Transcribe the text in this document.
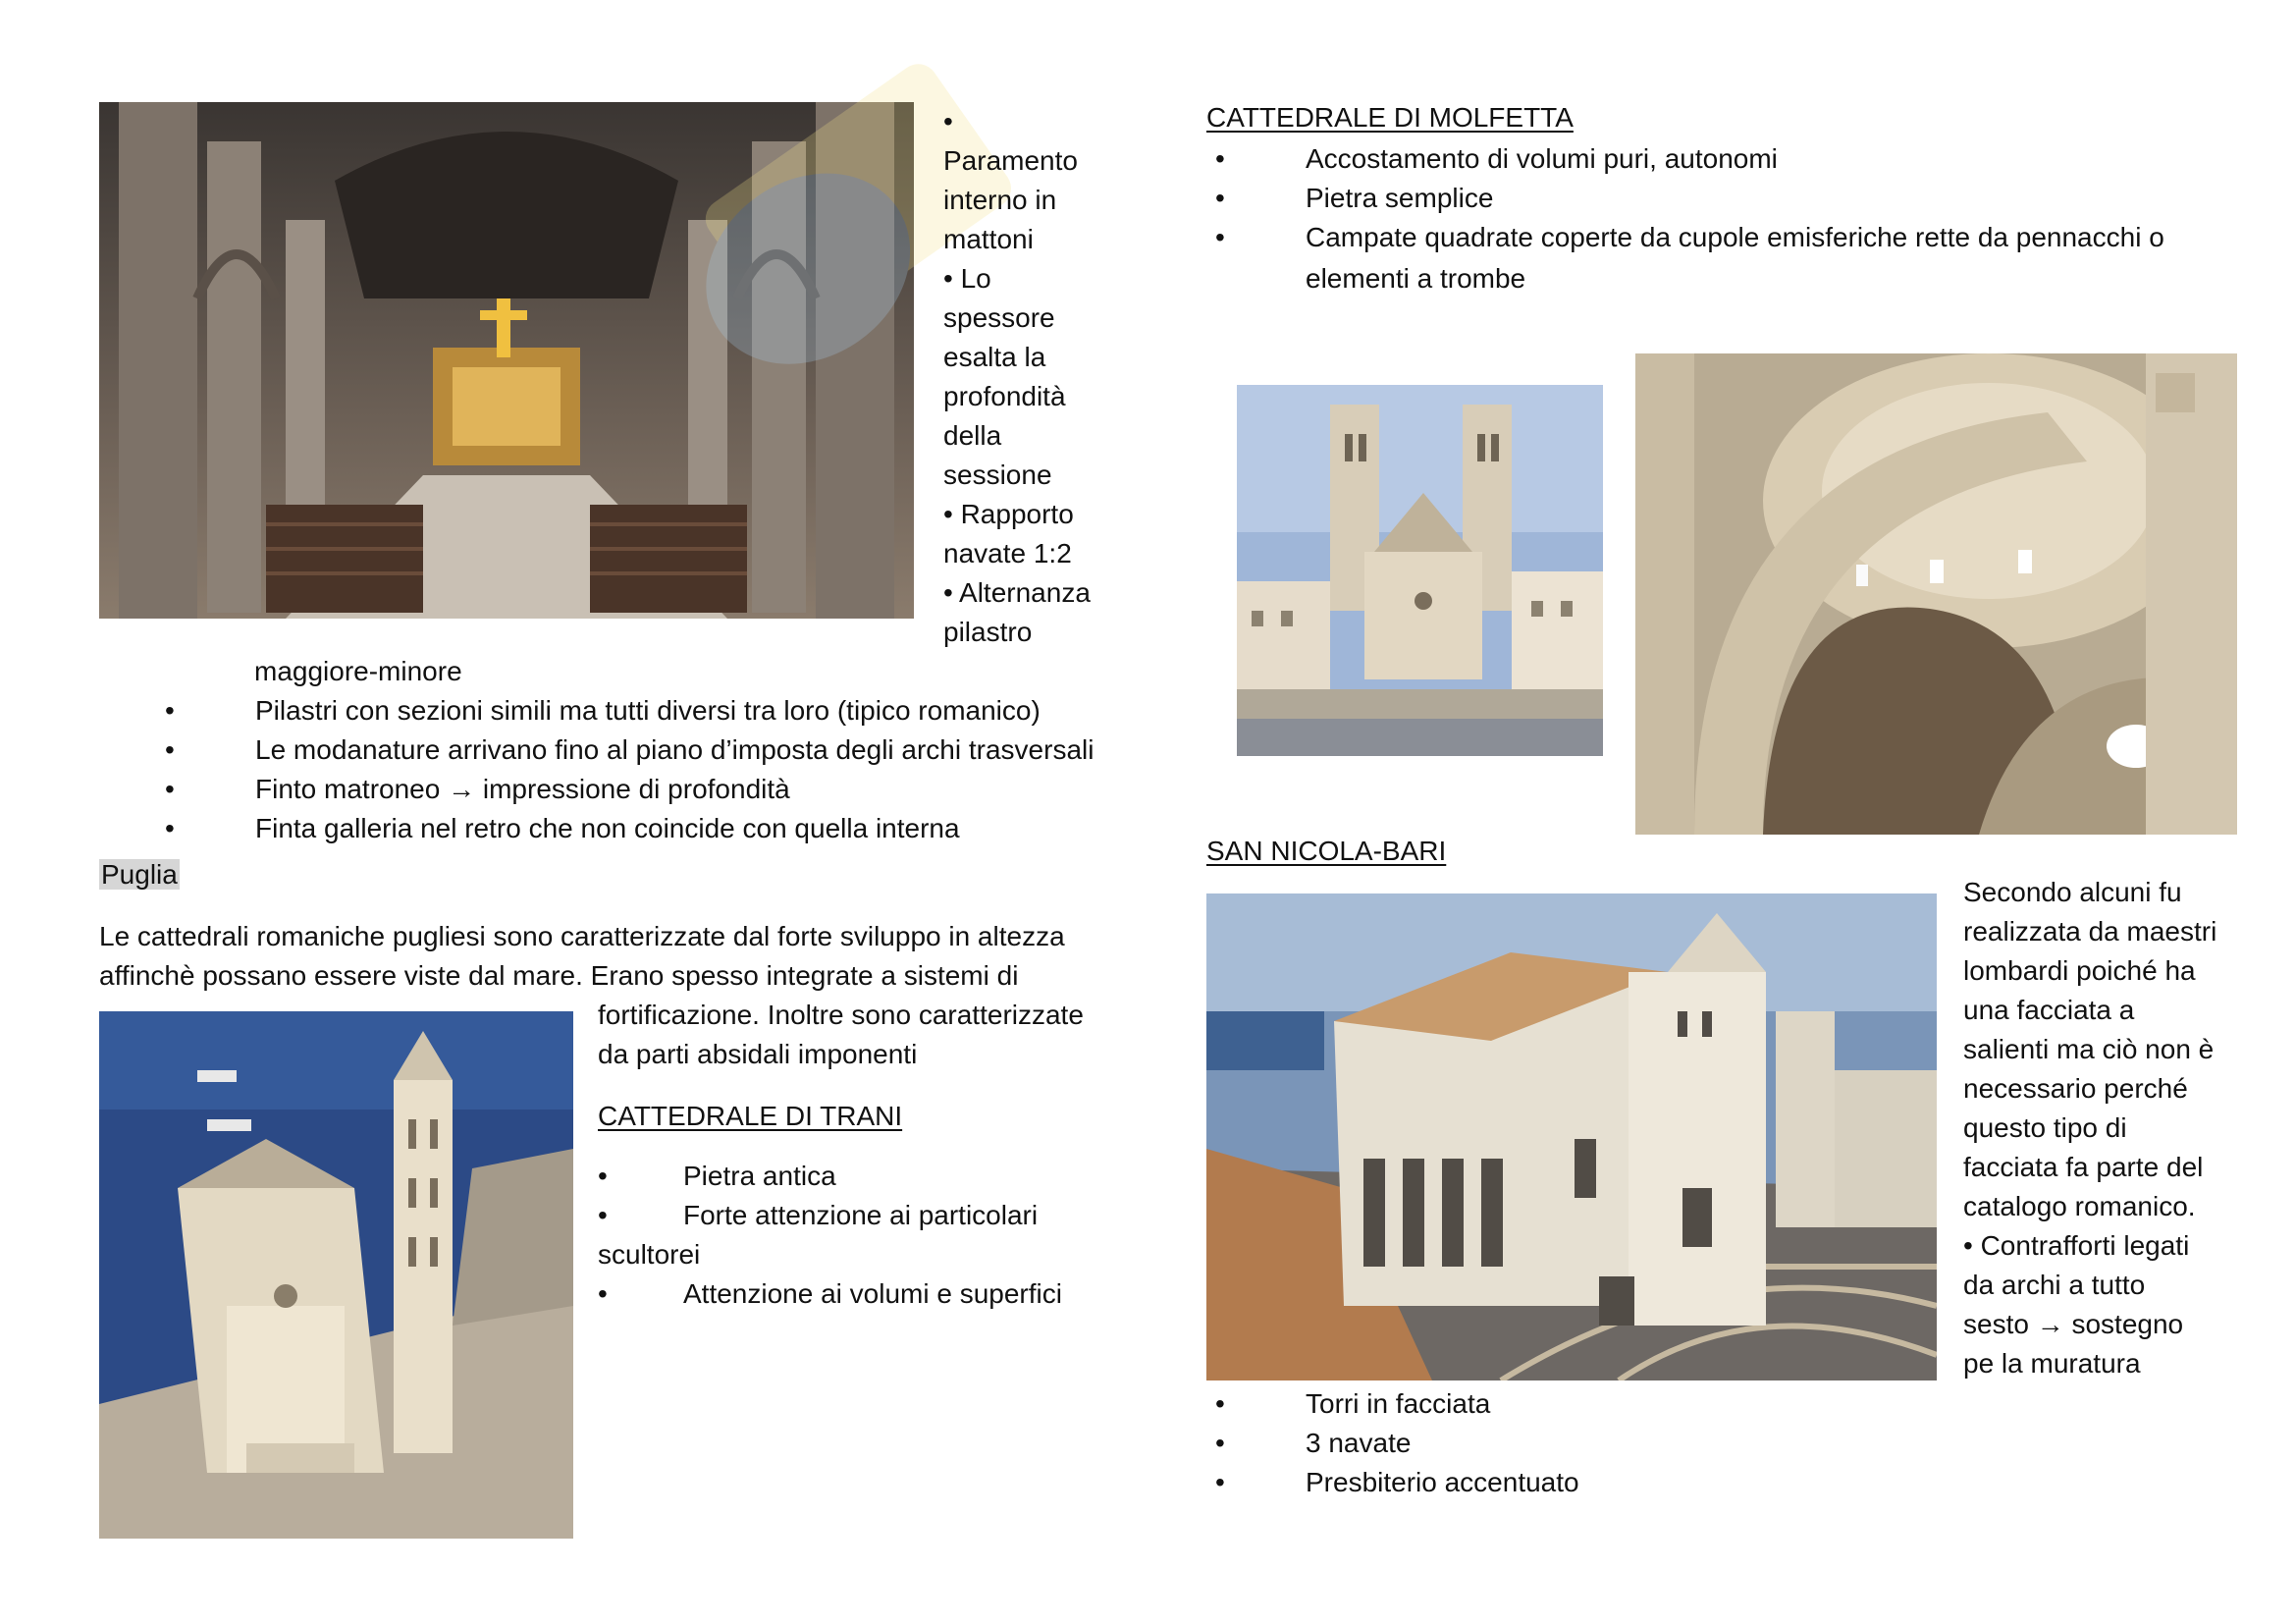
•
Paramento
interno in
mattoni
• Lo
spessore
esalta la
profondità
della
sessione
• Rapporto
navate 1:2
• Alternanza
pilastro
maggiore-minore
• Pilastri con sezioni simili ma tutti diversi tra loro (tipico romanico)
• Le modanature arrivano fino al piano d’imposta degli archi trasversali
• Finto matroneo → impressione di profondità
• Finta galleria nel retro che non coincide con quella interna
Puglia
Le cattedrali romaniche pugliesi sono caratterizzate dal forte sviluppo in altezza
affinchè possano essere viste dal mare. Erano spesso integrate a sistemi di
fortificazione. Inoltre sono caratterizzate
da parti absidali imponenti
CATTEDRALE DI TRANI
•	Pietra antica
•	Forte attenzione ai particolari
scultorei
•	Attenzione ai volumi e superfici
CATTEDRALE DI MOLFETTA
• Accostamento di volumi puri, autonomi
• Pietra semplice
• Campate quadrate coperte da cupole emisferiche rette da pennacchi o
elementi a trombe
SAN NICOLA-BARI
Secondo alcuni fu
realizzata da maestri
lombardi poiché ha
una facciata a
salienti ma ciò non è
necessario perché
questo tipo di
facciata fa parte del
catalogo romanico.
• Contrafforti legati
da archi a tutto
sesto → sostegno
pe la muratura
• Torri in facciata
• 3 navate
• Presbiterio accentuato
